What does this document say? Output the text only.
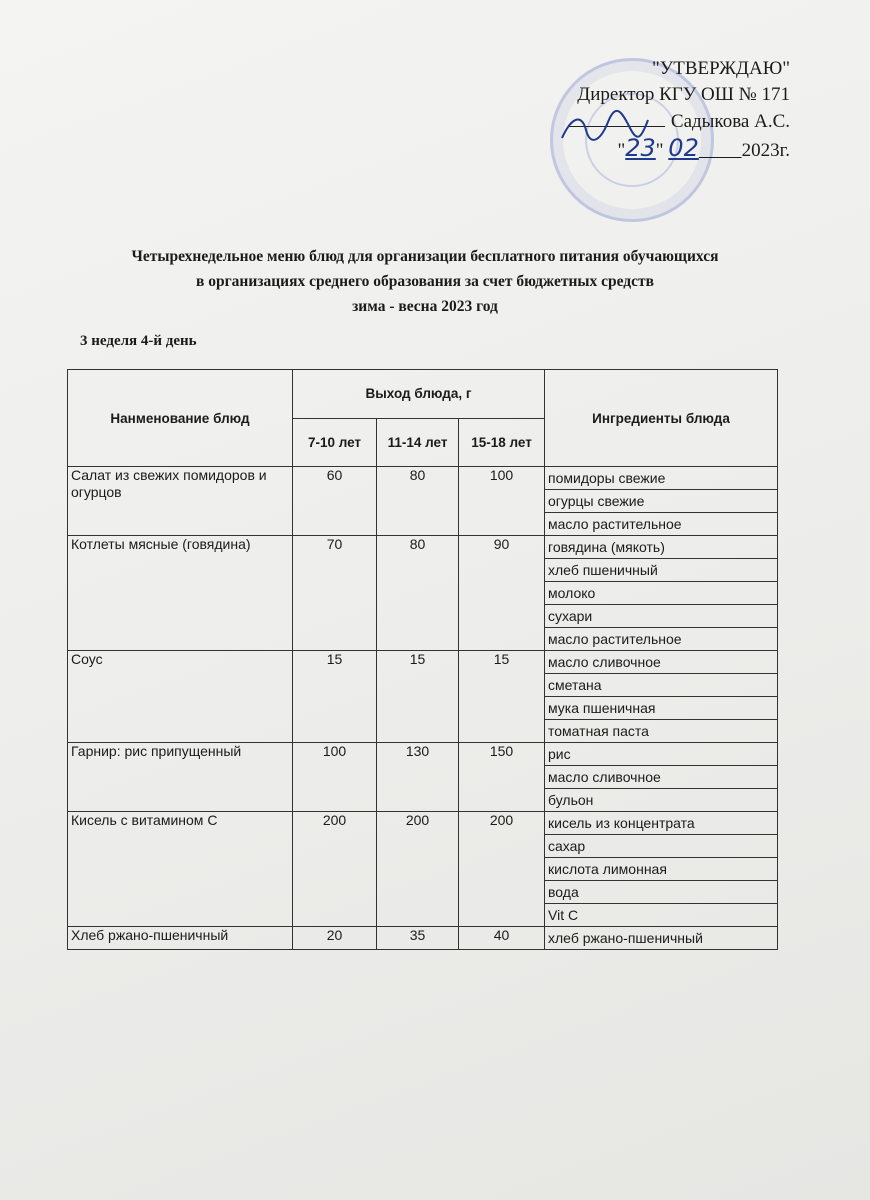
"УТВЕРЖДАЮ"
Директор КГУ ОШ № 171
Садыкова А.С.
"23" 02 2023г.
Четырехнедельное меню блюд для организации бесплатного питания обучающихся
в организациях среднего образования за счет бюджетных средств
зима - весна 2023 год
3 неделя 4-й день
Нанменование блюд	Выход блюда, г			Ингредиенты блюда
	7-10 лет	11-14 лет	15-18 лет	
Салат из свежих помидоров и огурцов	60	80	100	помидоры свежие
				огурцы свежие
				масло растительное
Котлеты мясные (говядина)	70	80	90	говядина (мякоть)
				хлеб пшеничный
				молоко
				сухари
				масло растительное
Соус	15	15	15	масло сливочное
				сметана
				мука пшеничная
				томатная паста
Гарнир: рис припущенный	100	130	150	рис
				масло сливочное
				бульон
Кисель с витамином С	200	200	200	кисель из концентрата
				сахар
				кислота лимонная
				вода
				Vit C
Хлеб ржано-пшеничный	20	35	40	хлеб ржано-пшеничный
